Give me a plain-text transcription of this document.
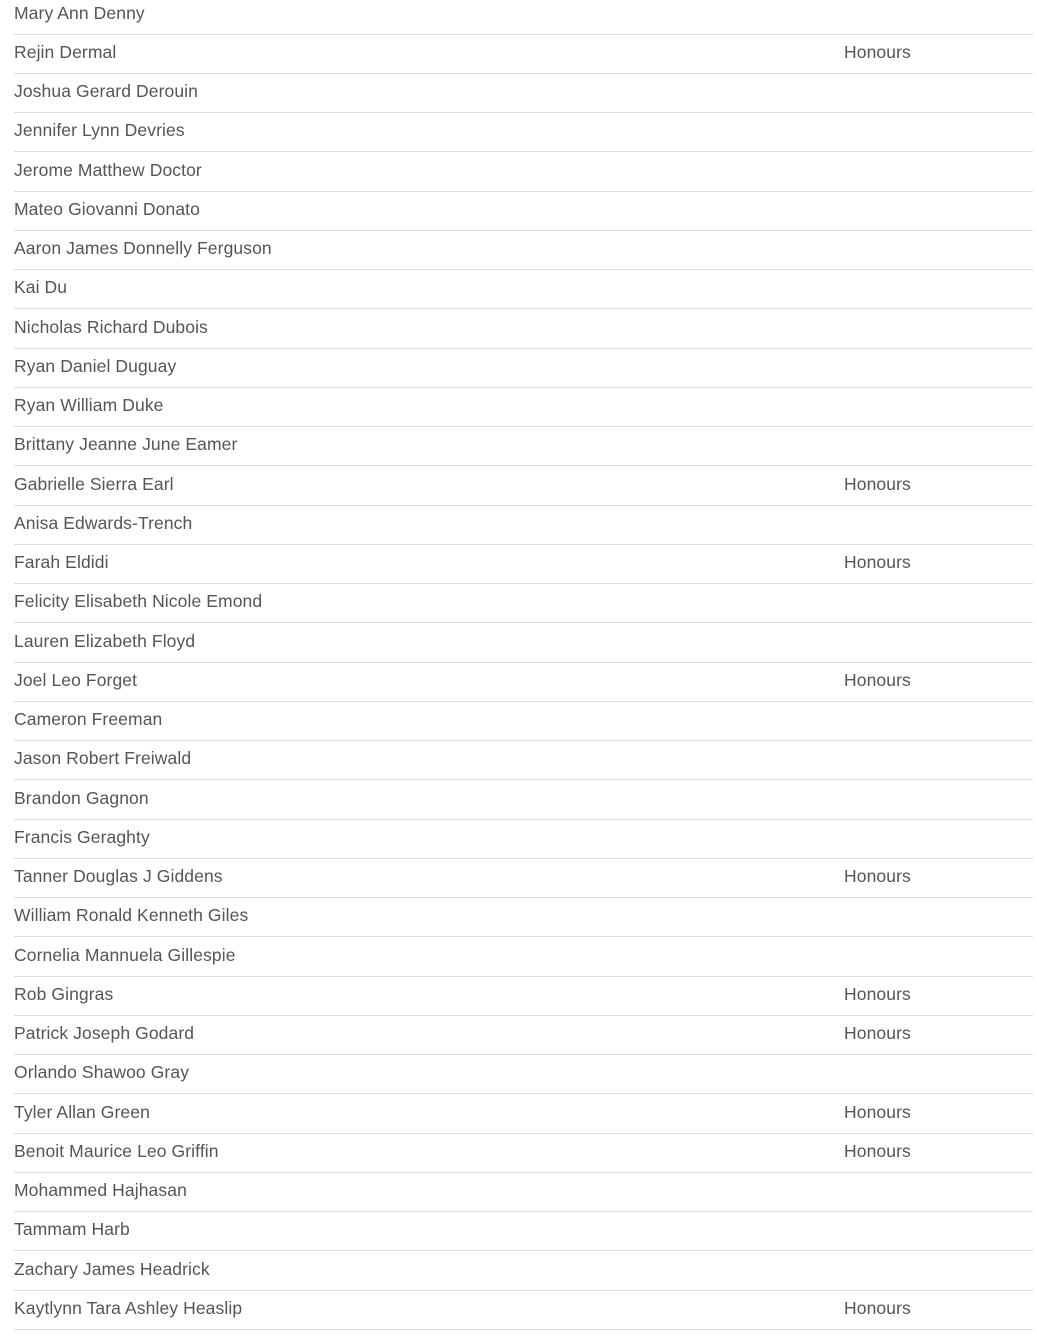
Mary Ann Denny
Rejin Dermal	Honours
Joshua Gerard Derouin
Jennifer Lynn Devries
Jerome Matthew Doctor
Mateo Giovanni Donato
Aaron James Donnelly Ferguson
Kai Du
Nicholas Richard Dubois
Ryan Daniel Duguay
Ryan William Duke
Brittany Jeanne June Eamer
Gabrielle Sierra Earl	Honours
Anisa Edwards-Trench
Farah Eldidi	Honours
Felicity Elisabeth Nicole Emond
Lauren Elizabeth Floyd
Joel Leo Forget	Honours
Cameron Freeman
Jason Robert Freiwald
Brandon Gagnon
Francis Geraghty
Tanner Douglas J Giddens	Honours
William Ronald Kenneth Giles
Cornelia Mannuela Gillespie
Rob Gingras	Honours
Patrick Joseph Godard	Honours
Orlando Shawoo Gray
Tyler Allan Green	Honours
Benoit Maurice Leo Griffin	Honours
Mohammed Hajhasan
Tammam Harb
Zachary James Headrick
Kaytlynn Tara Ashley Heaslip	Honours
